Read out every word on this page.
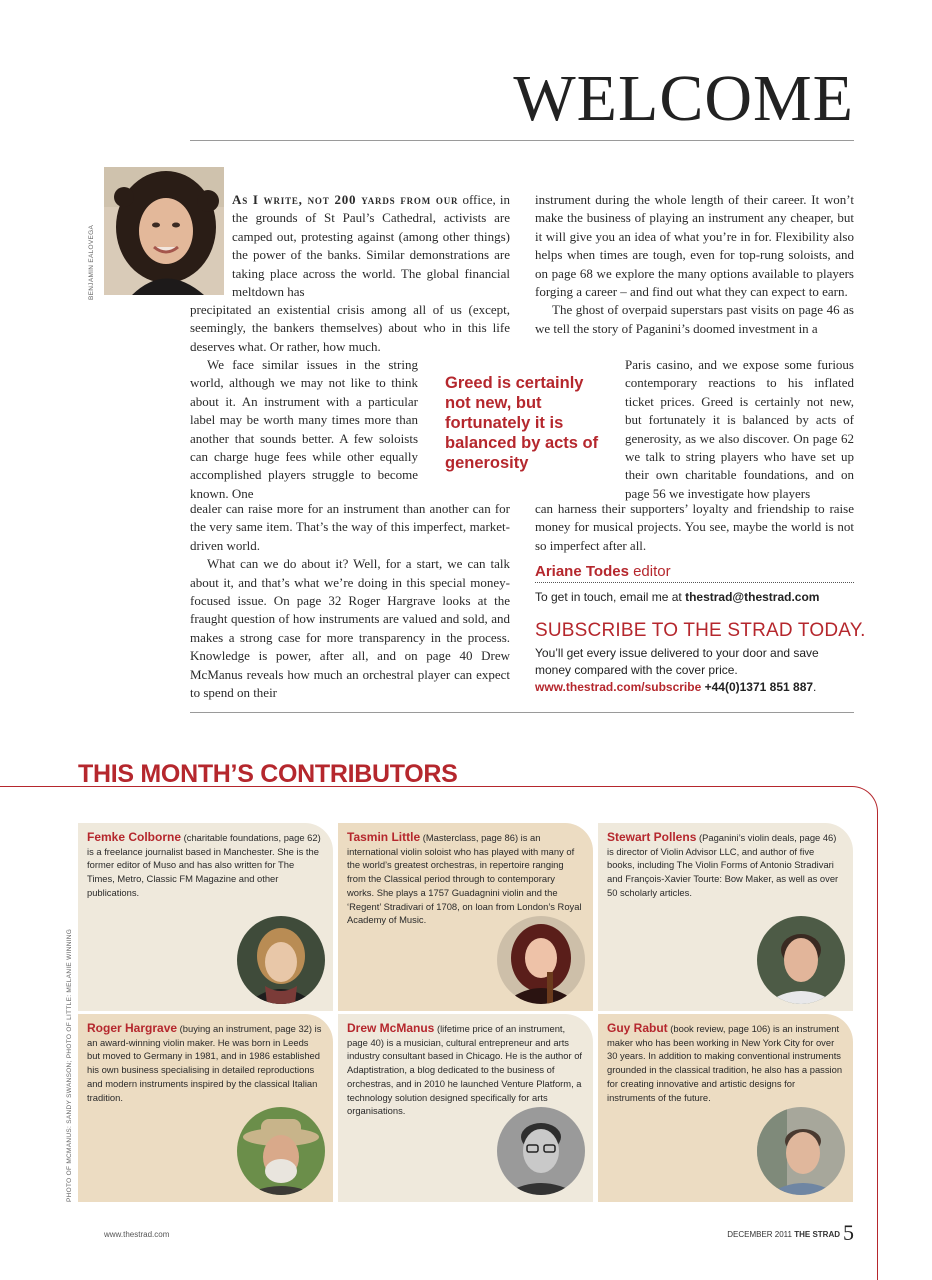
WELCOME
BENJAMIN EALOVEGA

As I write, not 200 yards from our office, in the grounds of St Paul’s Cathedral, activists are camped out, protesting against (among other things) the power of the banks. Similar demonstrations are taking place across the world. The global financial meltdown has

precipitated an existential crisis among all of us (except, seemingly, the bankers themselves) about who in this life deserves what. Or rather, how much.

We face similar issues in the string world, although we may not like to think about it. An instrument with a particular label may be worth many times more than another that sounds better. A few soloists can charge huge fees while other equally accomplished players struggle to become known. One

dealer can raise more for an instrument than another can for the very same item. That’s the way of this imperfect, market-driven world.

What can we do about it? Well, for a start, we can talk about it, and that’s what we’re doing in this special money-focused issue. On page 32 Roger Hargrave looks at the fraught question of how instruments are valued and sold, and makes a strong case for more transparency in the process. Knowledge is power, after all, and on page 40 Drew McManus reveals how much an orchestral player can expect to spend on their

Greed is certainly not new, but fortunately it is balanced by acts of generosity

instrument during the whole length of their career. It won’t make the business of playing an instrument any cheaper, but it will give you an idea of what you’re in for. Flexibility also helps when times are tough, even for top-rung soloists, and on page 68 we explore the many options available to players forging a career – and find out what they can expect to earn.

The ghost of overpaid superstars past visits on page 46 as we tell the story of Paganini’s doomed investment in a

Paris casino, and we expose some furious contemporary reactions to his inflated ticket prices. Greed is certainly not new, but fortunately it is balanced by acts of generosity, as we also discover. On page 62 we talk to string players who have set up their own charitable foundations, and on page 56 we investigate how players

can harness their supporters’ loyalty and friendship to raise money for musical projects. You see, maybe the world is not so imperfect after all.

Ariane Todes editor
To get in touch, email me at thestrad@thestrad.com
SUBSCRIBE TO THE STRAD TODAY.
You’ll get every issue delivered to your door and save money compared with the cover price.
www.thestrad.com/subscribe +44(0)1371 851 887.
THIS MONTH’S CONTRIBUTORS
PHOTO OF MCMANUS: SANDY SWANSON; PHOTO OF LITTLE: MELANIE WINNING
Femke Colborne (charitable foundations, page 62) is a freelance journalist based in Manchester. She is the former editor of Muso and has also written for The Times, Metro, Classic FM Magazine and other publications.
Tasmin Little (Masterclass, page 86) is an international violin soloist who has played with many of the world’s greatest orchestras, in repertoire ranging from the Classical period through to contemporary works. She plays a 1757 Guadagnini violin and the ‘Regent’ Stradivari of 1708, on loan from London’s Royal Academy of Music.
Stewart Pollens (Paganini’s violin deals, page 46) is director of Violin Advisor LLC, and author of five books, including The Violin Forms of Antonio Stradivari and François-Xavier Tourte: Bow Maker, as well as over 50 scholarly articles.
Roger Hargrave (buying an instrument, page 32) is an award-winning violin maker. He was born in Leeds but moved to Germany in 1981, and in 1986 established his own business specialising in detailed reproductions and modern instruments inspired by the classical Italian tradition.
Drew McManus (lifetime price of an instrument, page 40) is a musician, cultural entrepreneur and arts industry consultant based in Chicago. He is the author of Adaptistration, a blog dedicated to the business of orchestras, and in 2010 he launched Venture Platform, a technology solution designed specifically for arts organisations.
Guy Rabut (book review, page 106) is an instrument maker who has been working in New York City for over 30 years. In addition to making conventional instruments grounded in the classical tradition, he also has a passion for creating innovative and artistic designs for instruments of the future.
www.thestrad.com	DECEMBER 2011 THE STRAD 5
